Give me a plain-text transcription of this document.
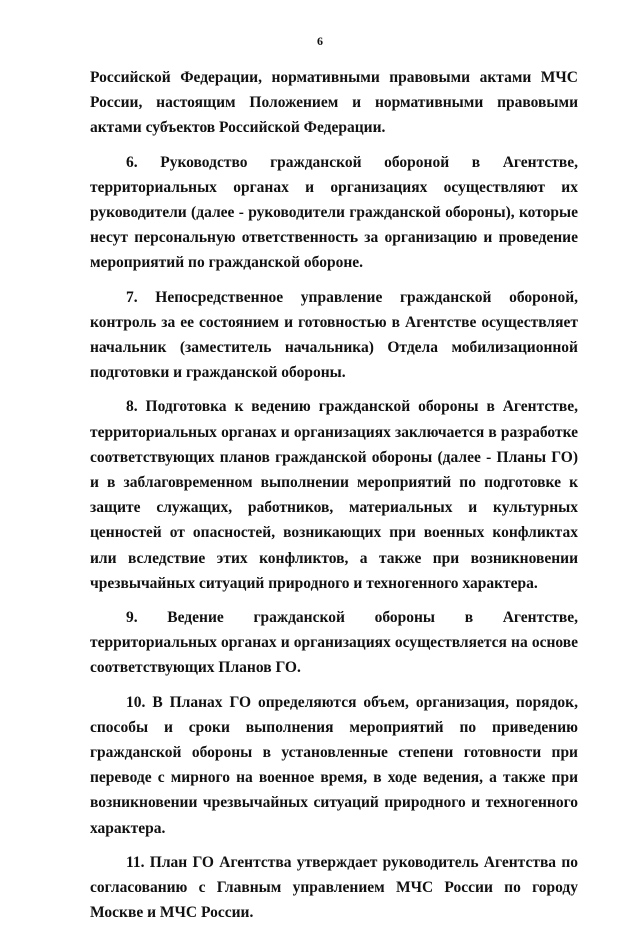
6

Российской Федерации, нормативными правовыми актами МЧС России, настоящим Положением и нормативными правовыми актами субъектов Российской Федерации.

6. Руководство гражданской обороной в Агентстве, территориальных органах и организациях осуществляют их руководители (далее - руководители гражданской обороны), которые несут персональную ответственность за организацию и проведение мероприятий по гражданской обороне.

7. Непосредственное управление гражданской обороной, контроль за ее состоянием и готовностью в Агентстве осуществляет начальник (заместитель начальника) Отдела мобилизационной подготовки и гражданской обороны.

8. Подготовка к ведению гражданской обороны в Агентстве, территориальных органах и организациях заключается в разработке соответствующих планов гражданской обороны (далее - Планы ГО) и в заблаговременном выполнении мероприятий по подготовке к защите служащих, работников, материальных и культурных ценностей от опасностей, возникающих при военных конфликтах или вследствие этих конфликтов, а также при возникновении чрезвычайных ситуаций природного и техногенного характера.

9. Ведение гражданской обороны в Агентстве, территориальных органах и организациях осуществляется на основе соответствующих Планов ГО.

10. В Планах ГО определяются объем, организация, порядок, способы и сроки выполнения мероприятий по приведению гражданской обороны в установленные степени готовности при переводе с мирного на военное время, в ходе ведения, а также при возникновении чрезвычайных ситуаций природного и техногенного характера.

11. План ГО Агентства утверждает руководитель Агентства по согласованию с Главным управлением МЧС России по городу Москве и МЧС России.
